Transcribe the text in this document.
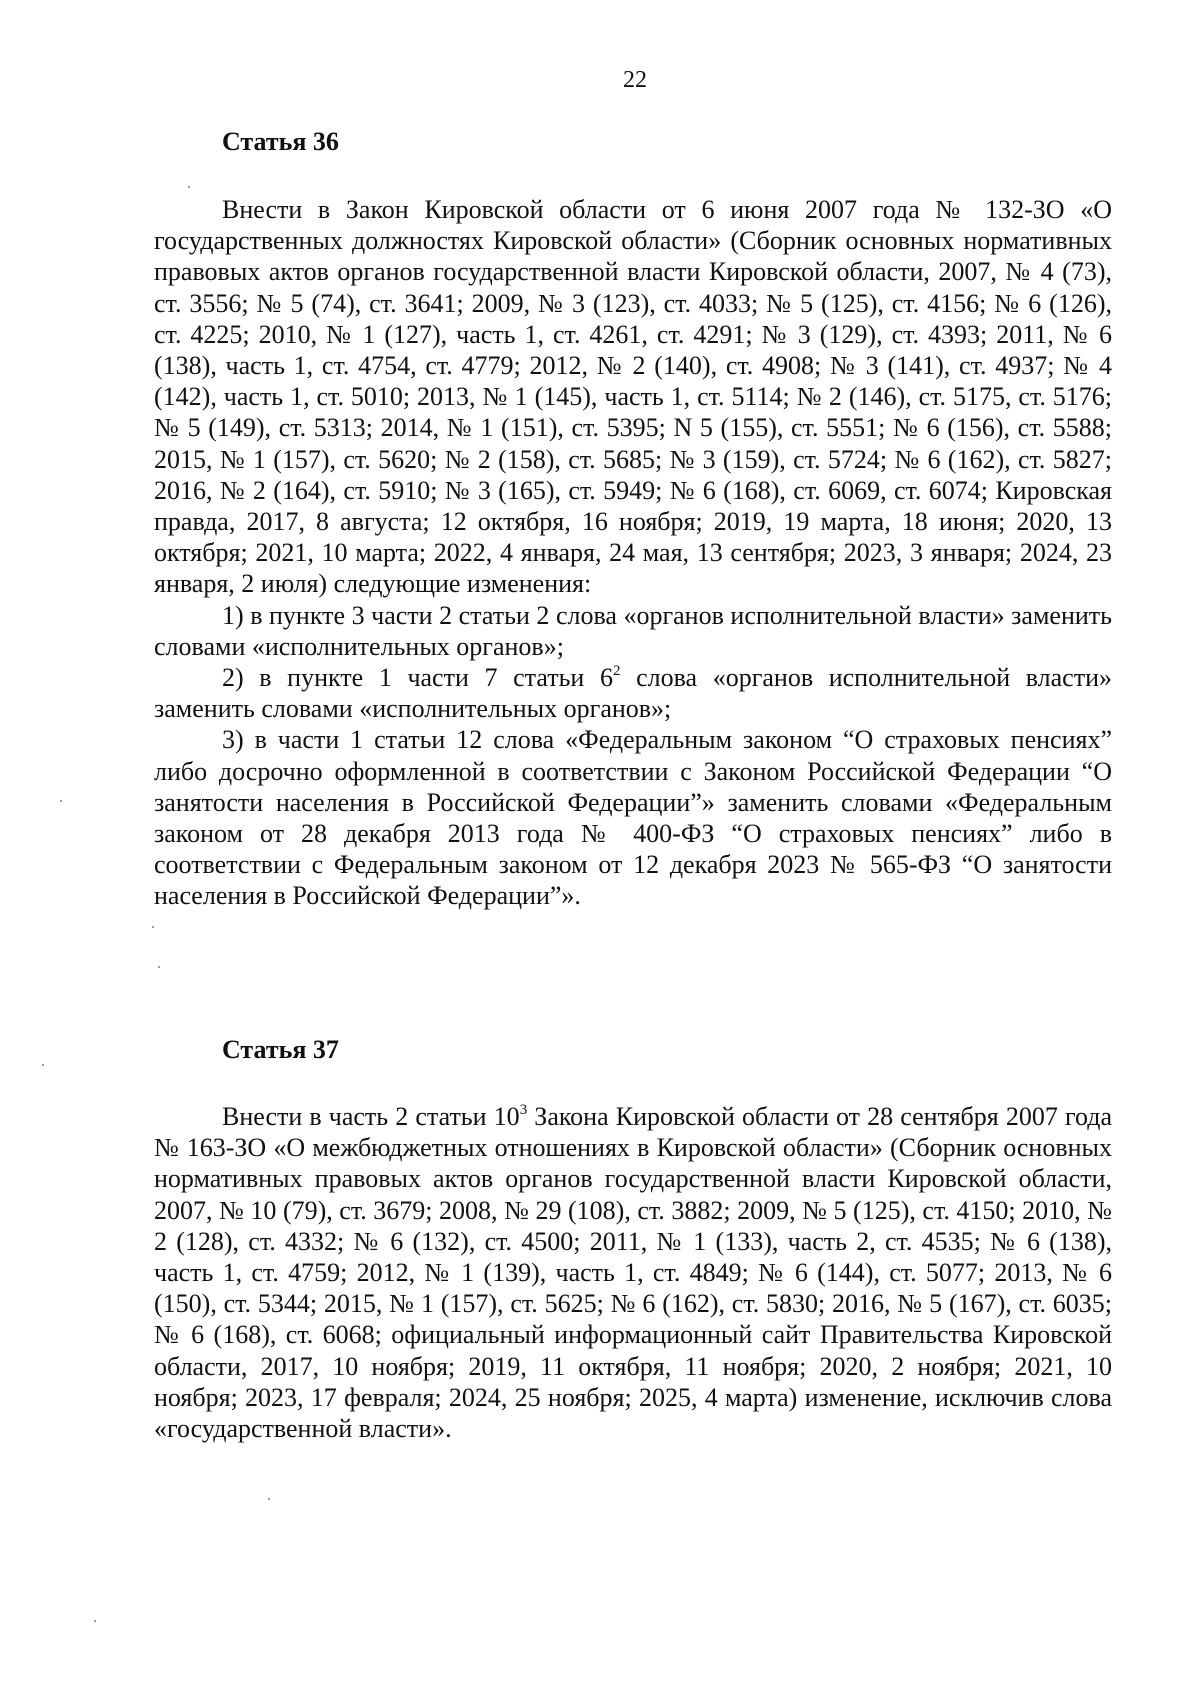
22
Статья 36

Внести в Закон Кировской области от 6 июня 2007 года № 132-ЗО «О государственных должностях Кировской области» (Сборник основных нормативных правовых актов органов государственной власти Кировской области, 2007, № 4 (73), ст. 3556; № 5 (74), ст. 3641; 2009, № 3 (123), ст. 4033; № 5 (125), ст. 4156; № 6 (126), ст. 4225; 2010, № 1 (127), часть 1, ст. 4261, ст. 4291; № 3 (129), ст. 4393; 2011, № 6 (138), часть 1, ст. 4754, ст. 4779; 2012, № 2 (140), ст. 4908; № 3 (141), ст. 4937; № 4 (142), часть 1, ст. 5010; 2013, № 1 (145), часть 1, ст. 5114; № 2 (146), ст. 5175, ст. 5176; № 5 (149), ст. 5313; 2014, № 1 (151), ст. 5395; N 5 (155), ст. 5551; № 6 (156), ст. 5588; 2015, № 1 (157), ст. 5620; № 2 (158), ст. 5685; № 3 (159), ст. 5724; № 6 (162), ст. 5827; 2016, № 2 (164), ст. 5910; № 3 (165), ст. 5949; № 6 (168), ст. 6069, ст. 6074; Кировская правда, 2017, 8 августа; 12 октября, 16 ноября; 2019, 19 марта, 18 июня; 2020, 13 октября; 2021, 10 марта; 2022, 4 января, 24 мая, 13 сентября; 2023, 3 января; 2024, 23 января, 2 июля) следующие изменения:

1) в пункте 3 части 2 статьи 2 слова «органов исполнительной власти» заменить словами «исполнительных органов»;

2) в пункте 1 части 7 статьи $6^2$ слова «органов исполнительной власти» заменить словами «исполнительных органов»;

3) в части 1 статьи 12 слова «Федеральным законом “О страховых пенсиях” либо досрочно оформленной в соответствии с Законом Российской Федерации “О занятости населения в Российской Федерации”» заменить словами «Федеральным законом от 28 декабря 2013 года № 400-ФЗ “О страховых пенсиях” либо в соответствии с Федеральным законом от 12 декабря 2023 № 565-ФЗ “О занятости населения в Российской Федерации”».

Статья 37

Внести в часть 2 статьи $10^3$ Закона Кировской области от 28 сентября 2007 года № 163-ЗО «О межбюджетных отношениях в Кировской области» (Сборник основных нормативных правовых актов органов государственной власти Кировской области, 2007, № 10 (79), ст. 3679; 2008, № 29 (108), ст. 3882; 2009, № 5 (125), ст. 4150; 2010, № 2 (128), ст. 4332; № 6 (132), ст. 4500; 2011, № 1 (133), часть 2, ст. 4535; № 6 (138), часть 1, ст. 4759; 2012, № 1 (139), часть 1, ст. 4849; № 6 (144), ст. 5077; 2013, № 6 (150), ст. 5344; 2015, № 1 (157), ст. 5625; № 6 (162), ст. 5830; 2016, № 5 (167), ст. 6035; № 6 (168), ст. 6068; официальный информационный сайт Правительства Кировской области, 2017, 10 ноября; 2019, 11 октября, 11 ноября; 2020, 2 ноября; 2021, 10 ноября; 2023, 17 февраля; 2024, 25 ноября; 2025, 4 марта) изменение, исключив слова «государственной власти».
